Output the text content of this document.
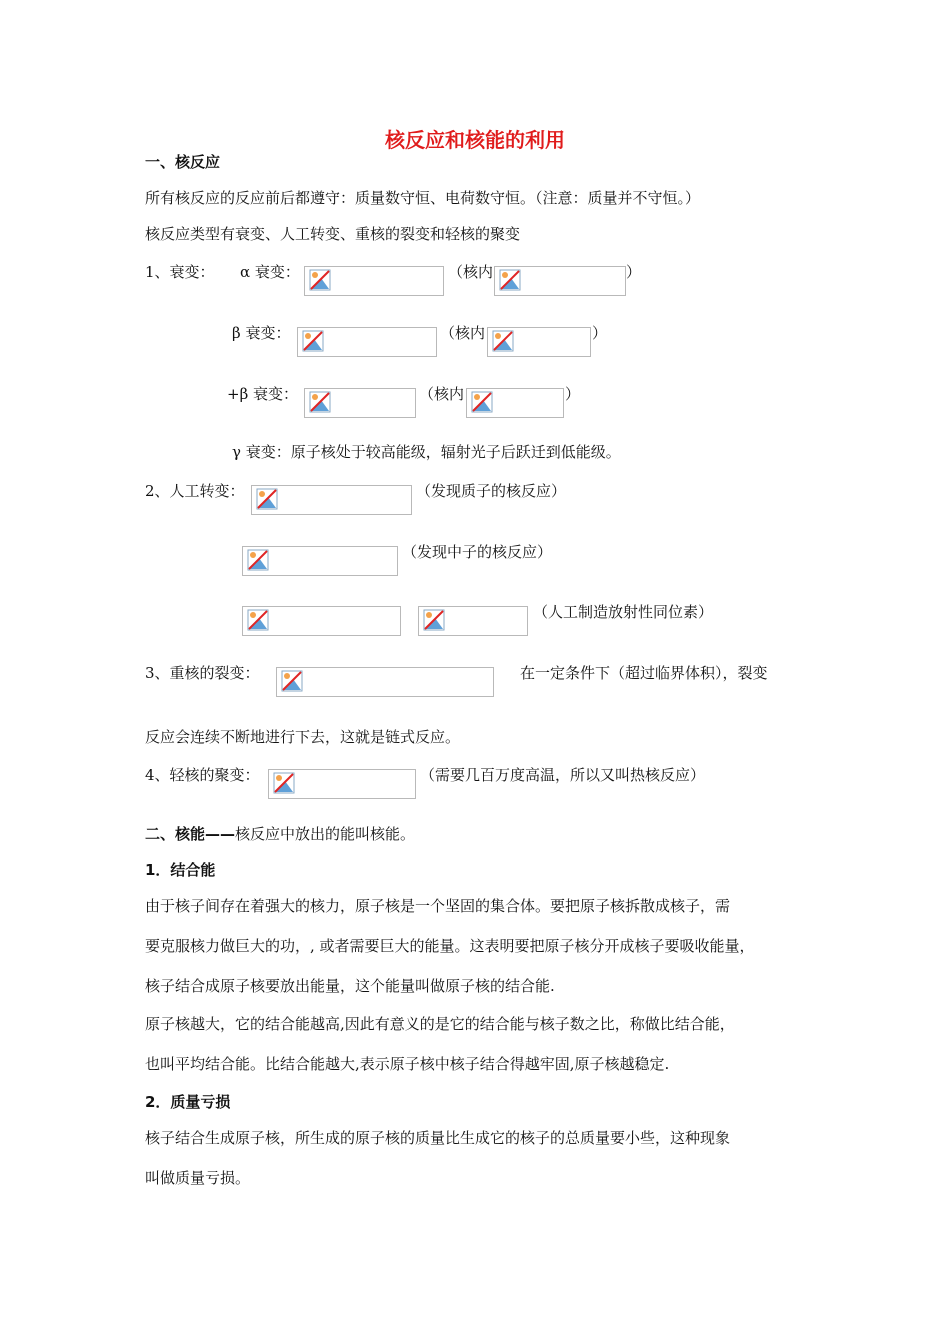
核反应和核能的利用
一、核反应
所有核反应的反应前后都遵守：质量数守恒、电荷数守恒。（注意：质量并不守恒。）
核反应类型有衰变、人工转变、重核的裂变和轻核的聚变
1、衰变： α 衰变：	（核内	）
β 衰变：	（核内	）
+β 衰变：	（核内	）
γ 衰变：原子核处于较高能级，辐射光子后跃迁到低能级。
2、人工转变：	（发现质子的核反应）
（发现中子的核反应）
（人工制造放射性同位素）
3、重核的裂变：	在一定条件下（超过临界体积），裂变
反应会连续不断地进行下去，这就是链式反应。
4、轻核的聚变：	（需要几百万度高温，所以又叫热核反应）
二、核能——核反应中放出的能叫核能。
1．结合能
由于核子间存在着强大的核力，原子核是一个坚固的集合体。要把原子核拆散成核子，需
要克服核力做巨大的功，, 或者需要巨大的能量。这表明要把原子核分开成核子要吸收能量，
核子结合成原子核要放出能量，这个能量叫做原子核的结合能.
原子核越大，它的结合能越高,因此有意义的是它的结合能与核子数之比，称做比结合能，
也叫平均结合能。比结合能越大,表示原子核中核子结合得越牢固,原子核越稳定.
2．质量亏损
核子结合生成原子核，所生成的原子核的质量比生成它的核子的总质量要小些，这种现象
叫做质量亏损。
